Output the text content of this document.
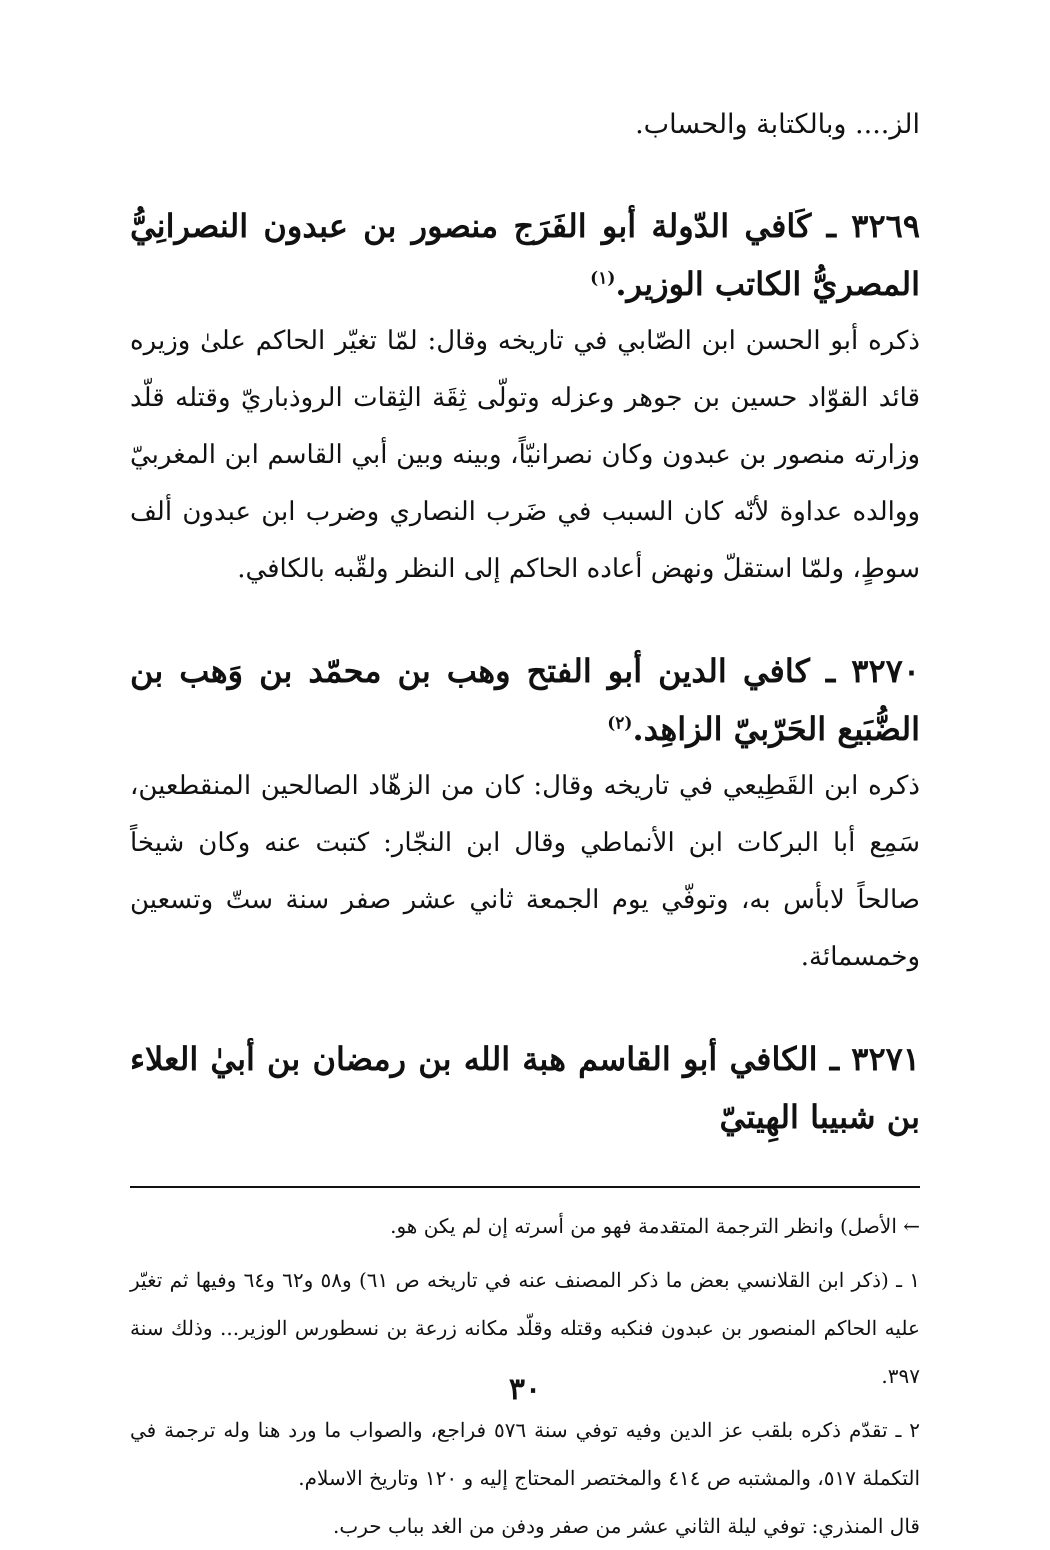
الز.... وبالكتابة والحساب.

٣٢٦٩ ـ كَافي الدّولة أبو الفَرَج منصور بن عبدون النصرانِيُّ المصريُّ الكاتب الوزير.$^{(١)}$

ذكره أبو الحسن ابن الصّابي في تاريخه وقال: لمّا تغيّر الحاكم علىٰ وزيره قائد القوّاد حسين بن جوهر وعزله وتولّى ثِقَة الثِقات الروذباريّ وقتله قلّد وزارته منصور بن عبدون وكان نصرانيّاً، وبينه وبين أبي القاسم ابن المغربيّ ووالده عداوة لأنّه كان السبب في ضَرب النصاري وضرب ابن عبدون ألف سوطٍ، ولمّا استقلّ ونهض أعاده الحاكم إلى النظر ولقّبه بالكافي.

٣٢٧٠ ـ كافي الدين أبو الفتح وهب بن محمّد بن وَهب بن الضُّبَيع الحَرّبيّ الزاهِد.$^{(٢)}$

ذكره ابن القَطِيعي في تاريخه وقال: كان من الزهّاد الصالحين المنقطعين، سَمِع أبا البركات ابن الأنماطي وقال ابن النجّار: كتبت عنه وكان شيخاً صالحاً لابأس به، وتوفّي يوم الجمعة ثاني عشر صفر سنة ستّ وتسعين وخمسمائة.

٣٢٧١ ـ الكافي أبو القاسم هبة الله بن رمضان بن أبيٰ العلاء بن شبيبا الهِيتيّ

← الأصل) وانظر الترجمة المتقدمة فهو من أسرته إن لم يكن هو.

١ ـ (ذكر ابن القلانسي بعض ما ذكر المصنف عنه في تاريخه ص ٦١) و٥٨ و٦٢ و٦٤ وفيها ثم تغيّر عليه الحاكم المنصور بن عبدون فنكبه وقتله وقلّد مكانه زرعة بن نسطورس الوزير... وذلك سنة ٣٩٧.

٢ ـ تقدّم ذكره بلقب عز الدين وفيه توفي سنة ٥٧٦ فراجع، والصواب ما ورد هنا وله ترجمة في التكملة ٥١٧، والمشتبه ص ٤١٤ والمختصر المحتاج إليه و ١٢٠ وتاريخ الاسلام.

قال المنذري: توفي ليلة الثاني عشر من صفر ودفن من الغد بباب حرب.

٣٠
